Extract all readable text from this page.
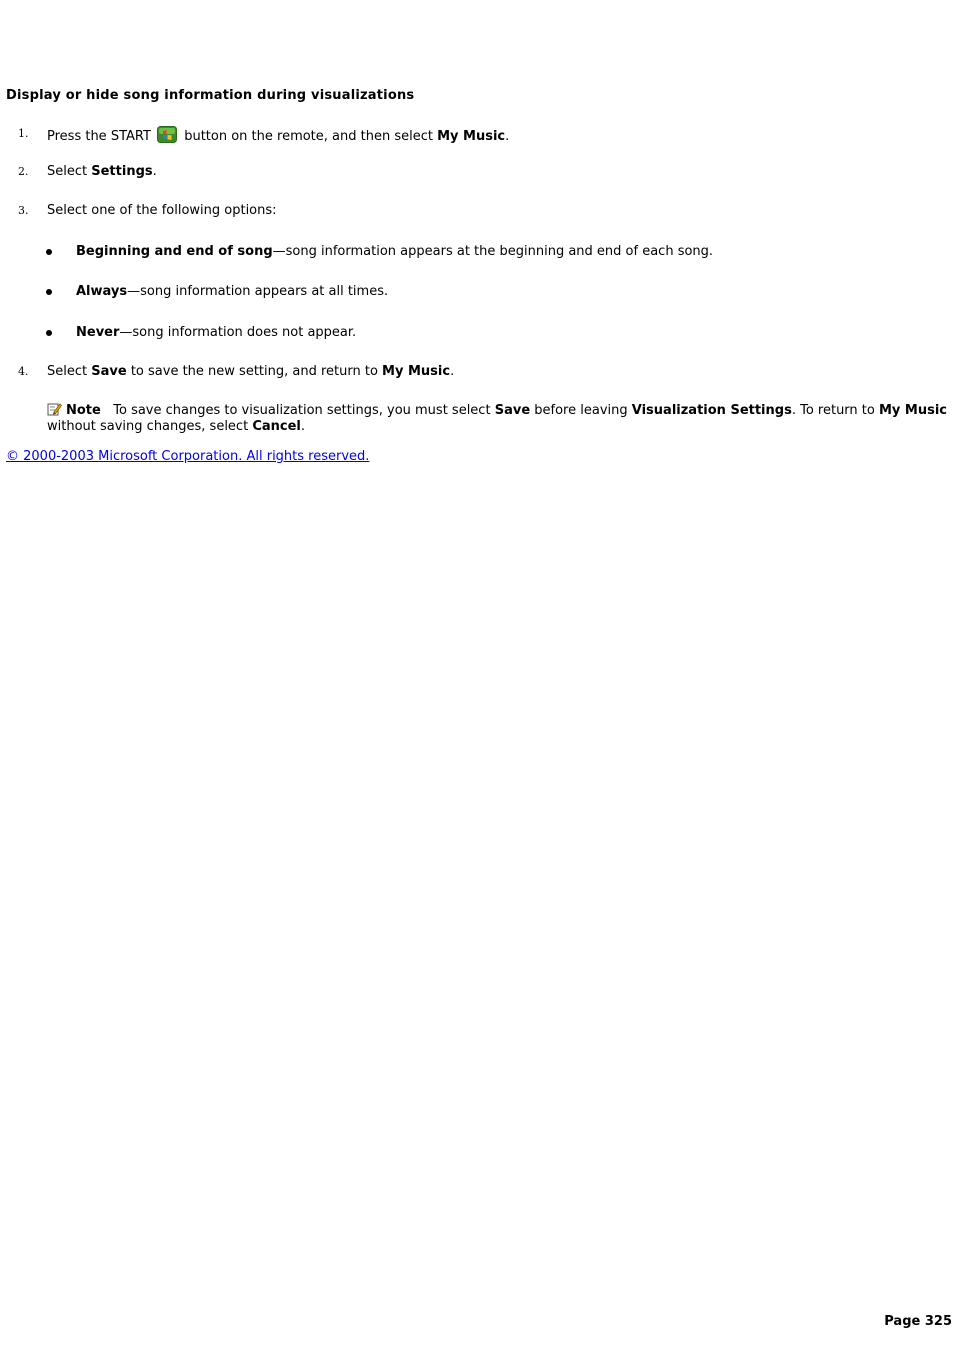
Display or hide song information during visualizations
1. Press the START	button on the remote, and then select My Music.
2. Select Settings.
3. Select one of the following options:
Beginning and end of song—song information appears at the beginning and end of each song.
Always—song information appears at all times.
Never—song information does not appear.
4. Select Save to save the new setting, and return to My Music.
Note To save changes to visualization settings, you must select Save before leaving Visualization Settings. To return to My Music without saving changes, select Cancel.
© 2000-2003 Microsoft Corporation. All rights reserved.
Page 325
